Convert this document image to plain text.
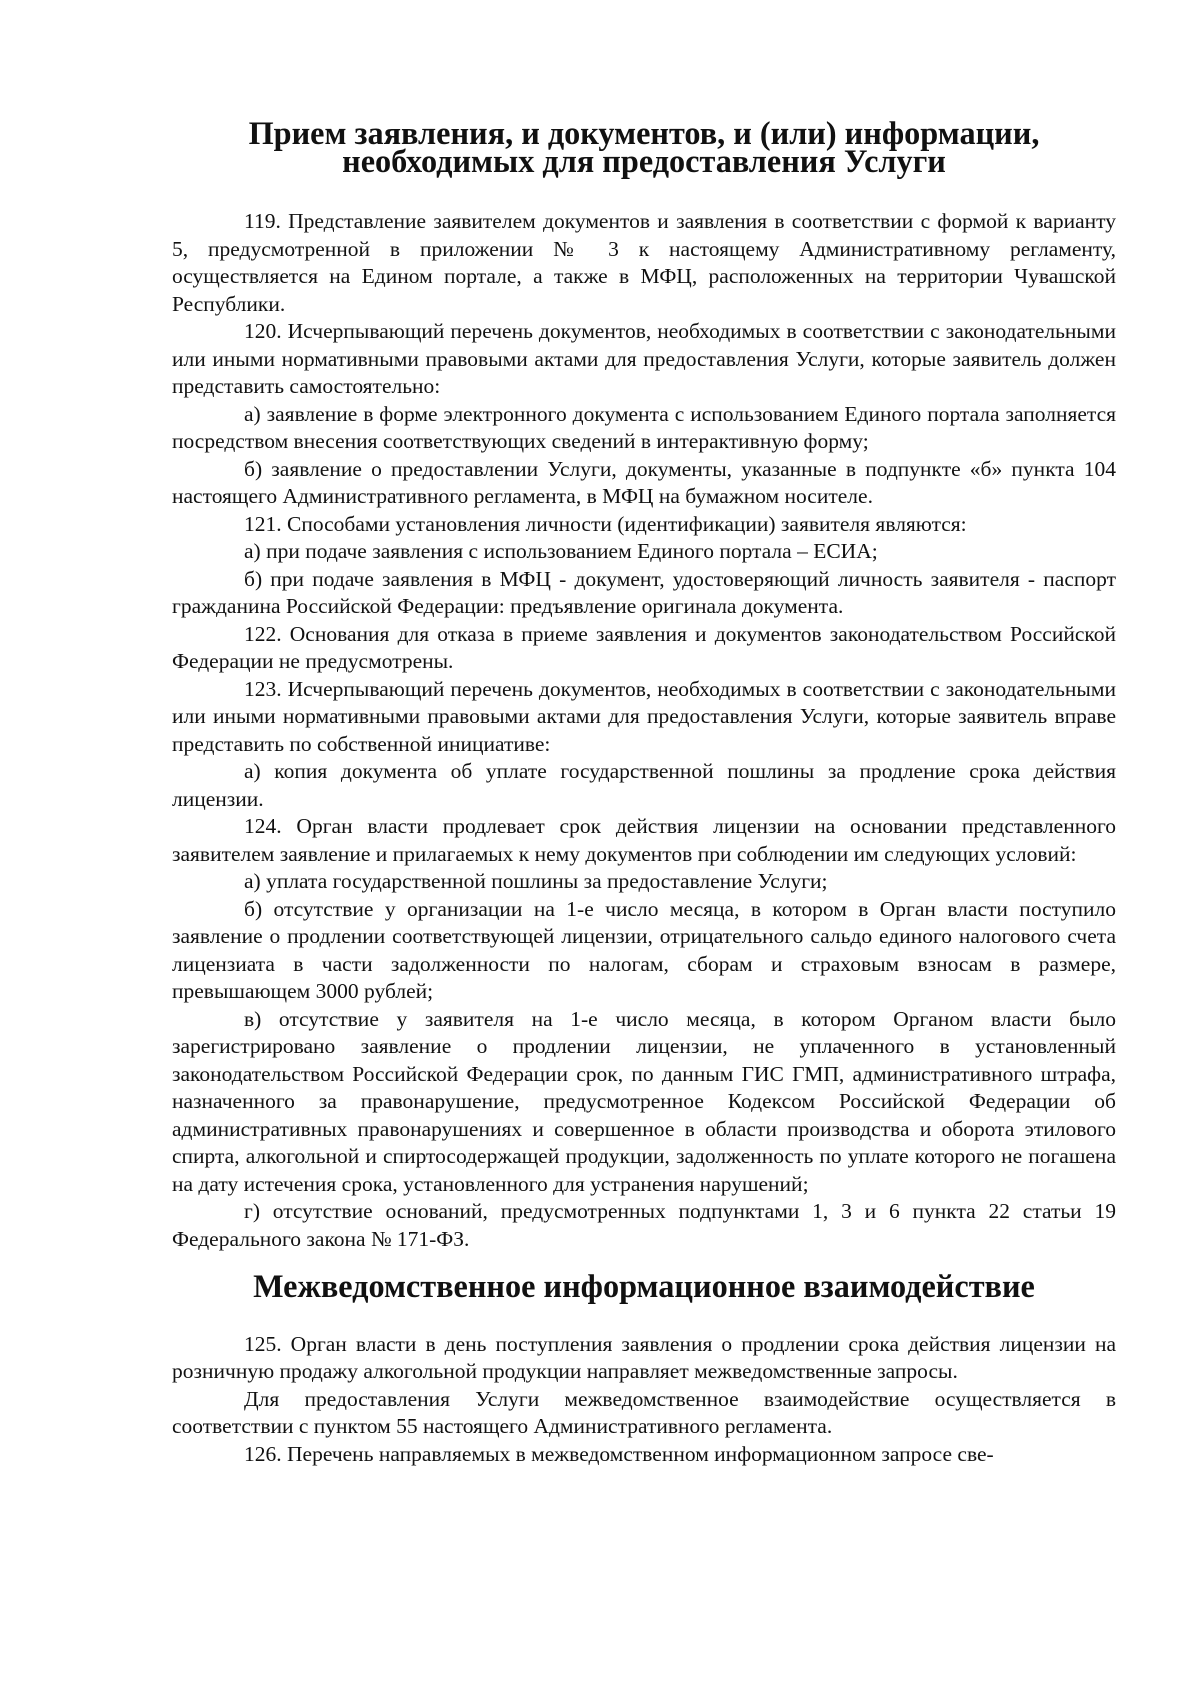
Прием заявления, и документов, и (или) информации,
необходимых для предоставления Услуги

119. Представление заявителем документов и заявления в соответствии с формой к варианту 5, предусмотренной в приложении № 3 к настоящему Административному регламенту, осуществляется на Едином портале, а также в МФЦ, расположенных на территории Чувашской Республики.

120. Исчерпывающий перечень документов, необходимых в соответствии с законодательными или иными нормативными правовыми актами для предоставления Услуги, которые заявитель должен представить самостоятельно:

а) заявление в форме электронного документа с использованием Единого портала заполняется посредством внесения соответствующих сведений в интерактивную форму;

б) заявление о предоставлении Услуги, документы, указанные в подпункте «б» пункта 104 настоящего Административного регламента, в МФЦ на бумажном носителе.

121. Способами установления личности (идентификации) заявителя являются:

а) при подаче заявления с использованием Единого портала – ЕСИА;

б) при подаче заявления в МФЦ - документ, удостоверяющий личность заявителя - паспорт гражданина Российской Федерации: предъявление оригинала документа.

122. Основания для отказа в приеме заявления и документов законодательством Российской Федерации не предусмотрены.

123. Исчерпывающий перечень документов, необходимых в соответствии с законодательными или иными нормативными правовыми актами для предоставления Услуги, которые заявитель вправе представить по собственной инициативе:

а) копия документа об уплате государственной пошлины за продление срока действия лицензии.

124. Орган власти продлевает срок действия лицензии на основании представленного заявителем заявление и прилагаемых к нему документов при соблюдении им следующих условий:

а) уплата государственной пошлины за предоставление Услуги;

б) отсутствие у организации на 1-е число месяца, в котором в Орган власти поступило заявление о продлении соответствующей лицензии, отрицательного сальдо единого налогового счета лицензиата в части задолженности по налогам, сборам и страховым взносам в размере, превышающем 3000 рублей;

в) отсутствие у заявителя на 1-е число месяца, в котором Органом власти было зарегистрировано заявление о продлении лицензии, не уплаченного в установленный законодательством Российской Федерации срок, по данным ГИС ГМП, административного штрафа, назначенного за правонарушение, предусмотренное Кодексом Российской Федерации об административных правонарушениях и совершенное в области производства и оборота этилового спирта, алкогольной и спиртосодержащей продукции, задолженность по уплате которого не погашена на дату истечения срока, установленного для устранения нарушений;

г) отсутствие оснований, предусмотренных подпунктами 1, 3 и 6 пункта 22 статьи 19 Федерального закона № 171-ФЗ.

Межведомственное информационное взаимодействие

125. Орган власти в день поступления заявления о продлении срока действия лицензии на розничную продажу алкогольной продукции направляет межведомственные запросы.

Для предоставления Услуги межведомственное взаимодействие осуществляется в соответствии с пунктом 55 настоящего Административного регламента.

126. Перечень направляемых в межведомственном информационном запросе све-
